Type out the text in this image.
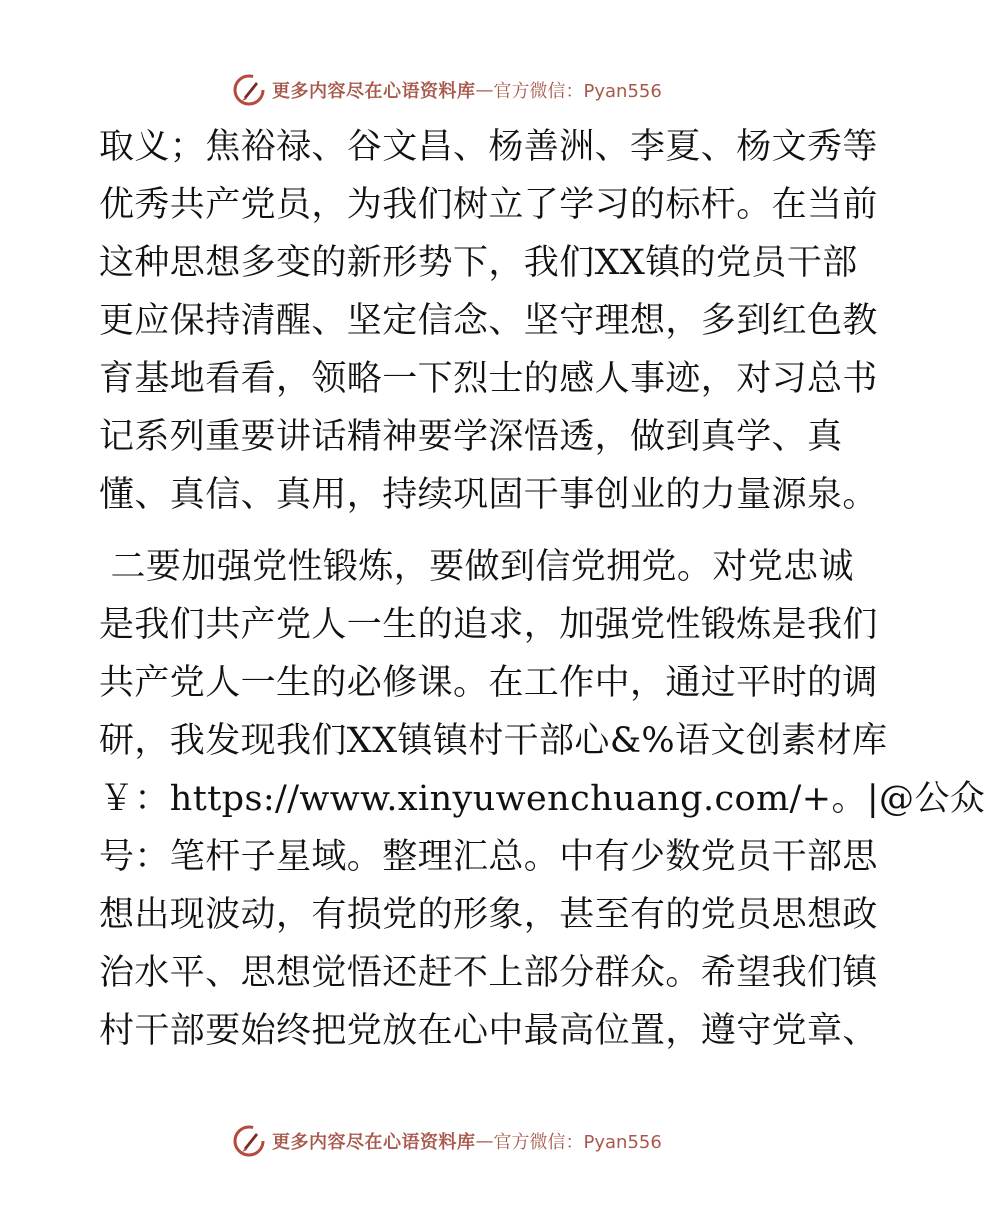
更多内容尽在心语资料库 — 官方微信：Pyan556
取义；焦裕禄、谷文昌、杨善洲、李夏、杨文秀等
优秀共产党员，为我们树立了学习的标杆。在当前
这种思想多变的新形势下，我们XX镇的党员干部
更应保持清醒、坚定信念、坚守理想，多到红色教
育基地看看，领略一下烈士的感人事迹，对习总书
记系列重要讲话精神要学深悟透，做到真学、真
懂、真信、真用，持续巩固干事创业的力量源泉。
二要加强党性锻炼，要做到信党拥党。对党忠诚
是我们共产党人一生的追求，加强党性锻炼是我们
共产党人一生的必修课。在工作中，通过平时的调
研，我发现我们XX镇镇村干部心&%语文创素材库
￥：https://www.xinyuwenchuang.com/+。|@公众
号：笔杆子星域。整理汇总。中有少数党员干部思
想出现波动，有损党的形象，甚至有的党员思想政
治水平、思想觉悟还赶不上部分群众。希望我们镇
村干部要始终把党放在心中最高位置，遵守党章、
更多内容尽在心语资料库 — 官方微信：Pyan556
